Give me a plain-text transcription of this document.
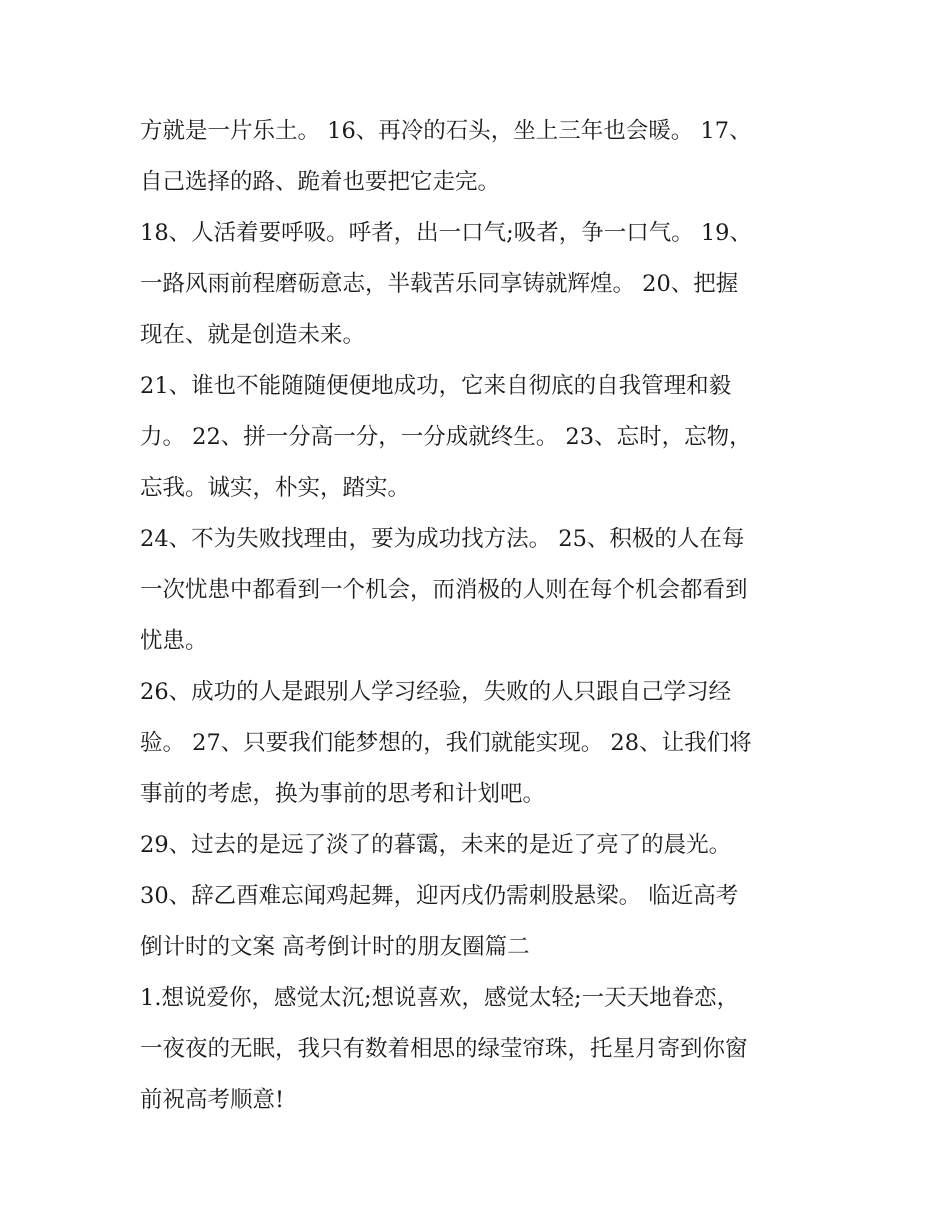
方就是一片乐土。 16、再冷的石头，坐上三年也会暖。 17、
自己选择的路、跪着也要把它走完。
18、人活着要呼吸。呼者，出一口气;吸者，争一口气。 19、
一路风雨前程磨砺意志，半载苦乐同享铸就辉煌。 20、把握
现在、就是创造未来。
21、谁也不能随随便便地成功，它来自彻底的自我管理和毅
力。 22、拼一分高一分，一分成就终生。 23、忘时，忘物，
忘我。诚实，朴实，踏实。
24、不为失败找理由，要为成功找方法。 25、积极的人在每
一次忧患中都看到一个机会，而消极的人则在每个机会都看到
忧患。
26、成功的人是跟别人学习经验，失败的人只跟自己学习经
验。 27、只要我们能梦想的，我们就能实现。 28、让我们将
事前的考虑，换为事前的思考和计划吧。
29、过去的是远了淡了的暮霭，未来的是近了亮了的晨光。
30、辞乙酉难忘闻鸡起舞，迎丙戌仍需刺股悬梁。 临近高考
倒计时的文案 高考倒计时的朋友圈篇二
1.想说爱你，感觉太沉;想说喜欢，感觉太轻;一天天地眷恋，
一夜夜的无眠，我只有数着相思的绿莹帘珠，托星月寄到你窗
前祝高考顺意!
